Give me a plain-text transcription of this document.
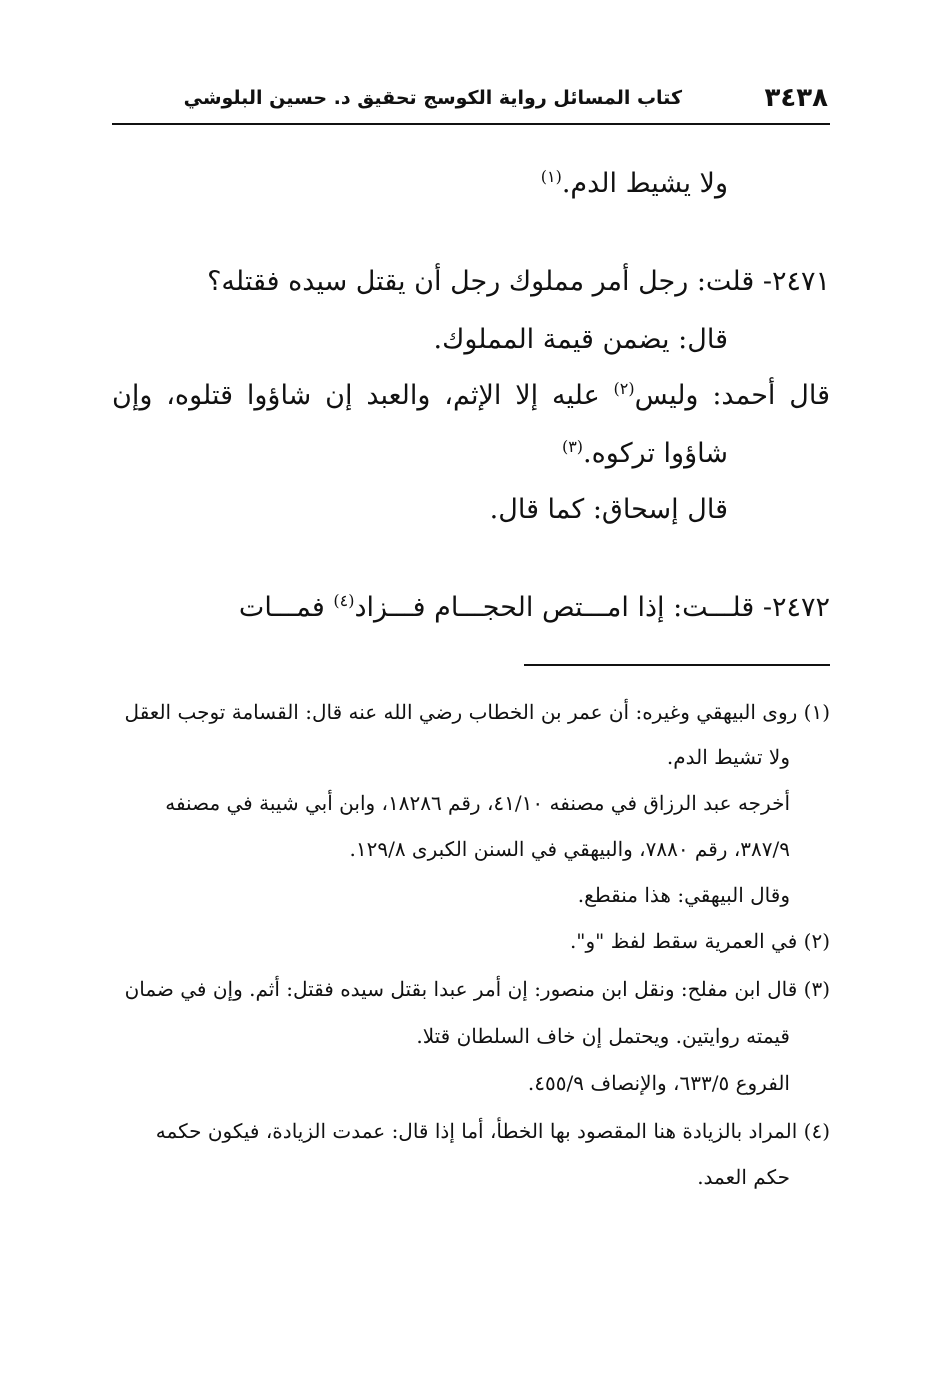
٣٤٣٨
كتاب المسائل رواية الكوسج تحقيق د. حسين البلوشي
ولا يشيط الدم.$^{(١)}$
٢٤٧١- قلت: رجل أمر مملوك رجل أن يقتل سيده فقتله؟
قال: يضمن قيمة المملوك.
قال أحمد: وليس$^{(٢)}$ عليه إلا الإثم، والعبد إن شاؤوا قتلوه، وإن
شاؤوا تركوه.$^{(٣)}$
قال إسحاق: كما قال.
٢٤٧٢- قلـــت: إذا امـــتص الحجـــام فـــزاد$^{(٤)}$ فمـــات
(١) روى البيهقي وغيره: أن عمر بن الخطاب رضي الله عنه قال: القسامة توجب العقل
ولا تشيط الدم.
أخرجه عبد الرزاق في مصنفه ٤١/١٠، رقم ١٨٢٨٦، وابن أبي شيبة في مصنفه
٣٨٧/٩، رقم ٧٨٨٠، والبيهقي في السنن الكبرى ١٢٩/٨.
وقال البيهقي: هذا منقطع.
(٢) في العمرية سقط لفظ "و".
(٣) قال ابن مفلح: ونقل ابن منصور: إن أمر عبدا بقتل سيده فقتل: أثم. وإن في ضمان
قيمته روايتين. ويحتمل إن خاف السلطان قتلا.
الفروع ٦٣٣/٥، والإنصاف ٤٥٥/٩.
(٤) المراد بالزيادة هنا المقصود بها الخطأ، أما إذا قال: عمدت الزيادة، فيكون حكمه
حكم العمد.
